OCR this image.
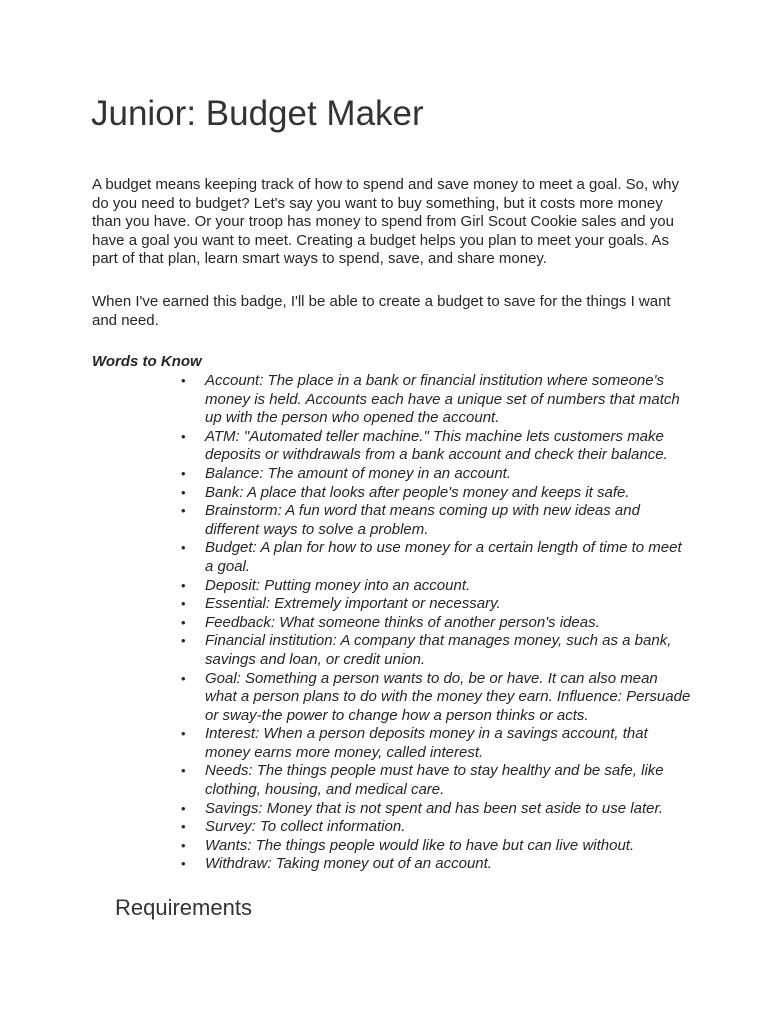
Junior: Budget Maker

A budget means keeping track of how to spend and save money to meet a goal. So, why do you need to budget? Let's say you want to buy something, but it costs more money than you have. Or your troop has money to spend from Girl Scout Cookie sales and you have a goal you want to meet. Creating a budget helps you plan to meet your goals. As part of that plan, learn smart ways to spend, save, and share money.

When I've earned this badge, I'll be able to create a budget to save for the things I want and need.

Words to Know

• Account: The place in a bank or financial institution where someone's money is held. Accounts each have a unique set of numbers that match up with the person who opened the account.
• ATM: "Automated teller machine." This machine lets customers make deposits or withdrawals from a bank account and check their balance.
• Balance: The amount of money in an account.
• Bank: A place that looks after people's money and keeps it safe.
• Brainstorm: A fun word that means coming up with new ideas and different ways to solve a problem.
• Budget: A plan for how to use money for a certain length of time to meet a goal.
• Deposit: Putting money into an account.
• Essential: Extremely important or necessary.
• Feedback: What someone thinks of another person's ideas.
• Financial institution: A company that manages money, such as a bank, savings and loan, or credit union.
• Goal: Something a person wants to do, be or have. It can also mean what a person plans to do with the money they earn. Influence: Persuade or sway-the power to change how a person thinks or acts.
• Interest: When a person deposits money in a savings account, that money earns more money, called interest.
• Needs: The things people must have to stay healthy and be safe, like clothing, housing, and medical care.
• Savings: Money that is not spent and has been set aside to use later.
• Survey: To collect information.
• Wants: The things people would like to have but can live without.
• Withdraw: Taking money out of an account.
Requirements
